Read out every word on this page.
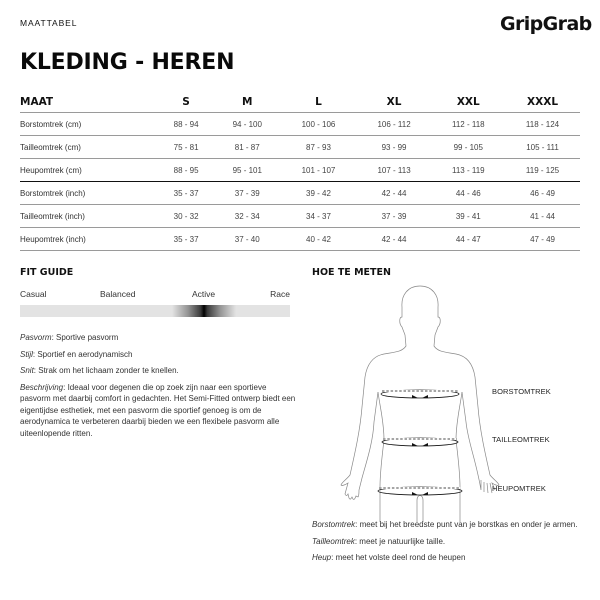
MAATTABEL	GripGrab
KLEDING - HEREN
MAAT	S	M	L	XL	XXL	XXXL
Borstomtrek (cm)	88 - 94	94 - 100	100 - 106	106 - 112	112 - 118	118 - 124
Tailleomtrek (cm)	75 - 81	81 - 87	87 - 93	93 - 99	99 - 105	105 - 111
Heupomtrek (cm)	88 - 95	95 - 101	101 - 107	107 - 113	113 - 119	119 - 125
Borstomtrek (inch)	35 - 37	37 - 39	39 - 42	42 - 44	44 - 46	46 - 49
Tailleomtrek (inch)	30 - 32	32 - 34	34 - 37	37 - 39	39 - 41	41 - 44
Heupomtrek (inch)	35 - 37	37 - 40	40 - 42	42 - 44	44 - 47	47 - 49
FIT GUIDE
Casual	Balanced	Active	Race

Pasvorm: Sportive pasvorm

Stijl: Sportief en aerodynamisch

Snit: Strak om het lichaam zonder te knellen.

Beschrijving: Ideaal voor degenen die op zoek zijn naar een sportieve pasvorm met daarbij comfort in gedachten. Het Semi-Fitted ontwerp biedt een eigentijdse esthetiek, met een pasvorm die sportief genoeg is om de aerodynamica te verbeteren daarbij bieden we een flexibele pasvorm alle uiteenlopende ritten.

HOE TE METEN
BORSTOMTREK
TAILLEOMTREK
HEUPOMTREK

Borstomtrek: meet bij het breedste punt van je borstkas en onder je armen.

Tailleomtrek: meet je natuurlijke taille.

Heup: meet het volste deel rond de heupen
